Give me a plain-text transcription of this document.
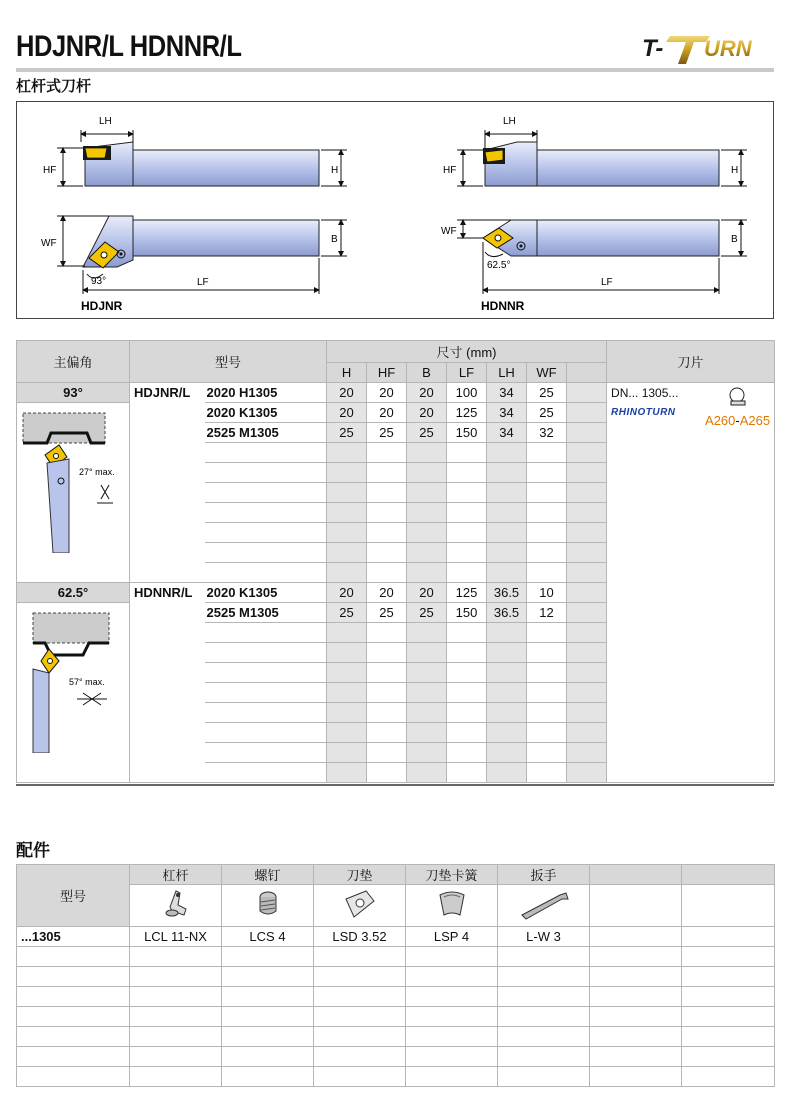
HDJNR/L HDNNR/L	T- URN
杠杆式刀杆
LH
HF	H
WF	B
93°	LF
HDJNR
LH
HF	H
WF
B
62.5°
LF
HDNNR
主偏角	型号		尺寸 (mm)							刀片
			H	HF	B	LF	LH	WF		
93°	HDJNR/L	2020 H1305	20	20	20	100	34	25		DN... 1305...
RHINOTURN
A260-A265

27° max.		2020 K1305	20	20	20	125	34	25		
		2525 M1305	25	25	25	150	34	32		

62.5°	HDNNR/L	2020 K1305	20	20	20	125	36.5	10		

57° max.		2525 M1305	25	25	25	150	36.5	12		

配件
型号	杠杆	螺钉	刀垫	刀垫卡簧	扳手		

...1305	LCL 11-NX	LCS 4	LSD 3.52	LSP 4	L-W 3		
